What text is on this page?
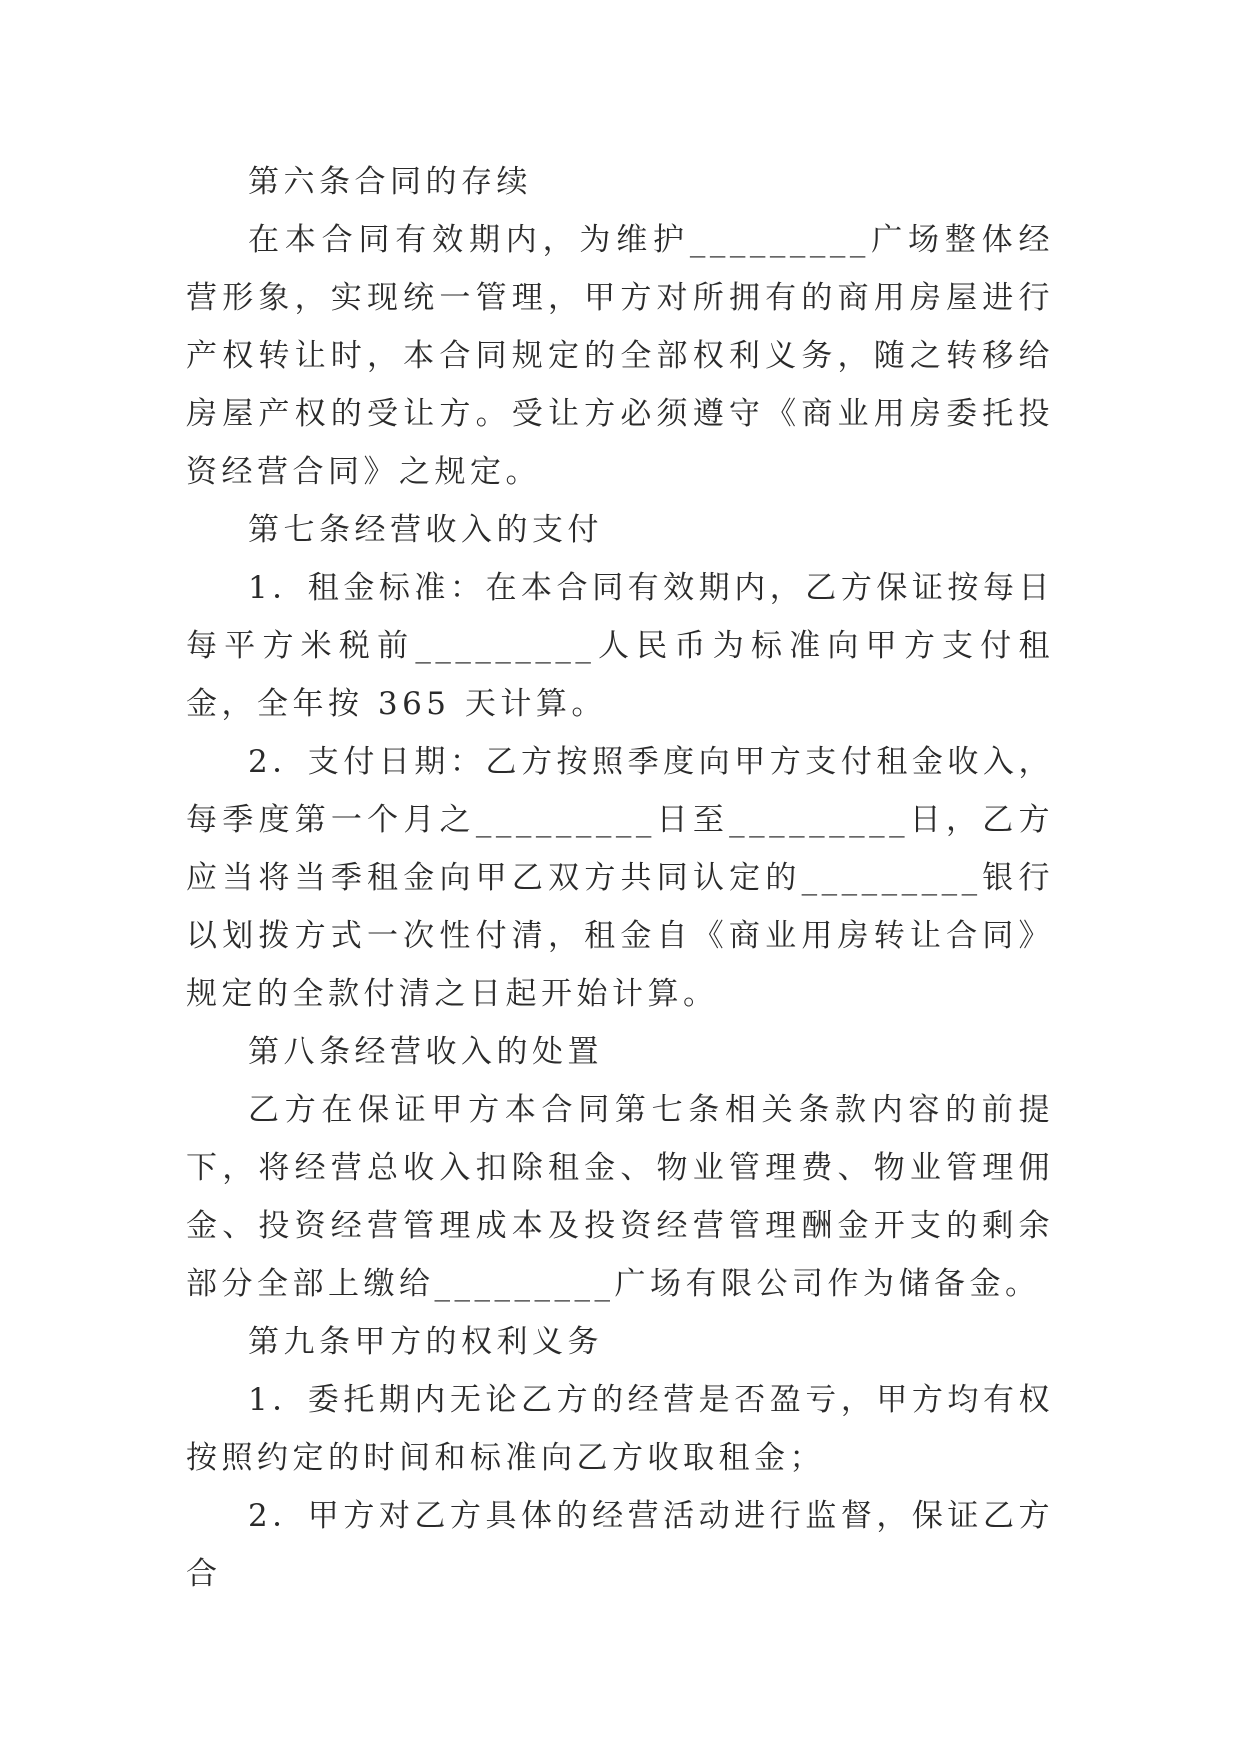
第六条合同的存续

在本合同有效期内，为维护_________广场整体经营形象，实现统一管理，甲方对所拥有的商用房屋进行产权转让时，本合同规定的全部权利义务，随之转移给房屋产权的受让方。受让方必须遵守《商业用房委托投资经营合同》之规定。

第七条经营收入的支付

1．租金标准：在本合同有效期内，乙方保证按每日每平方米税前_________人民币为标准向甲方支付租金，全年按 365 天计算。

2．支付日期：乙方按照季度向甲方支付租金收入，每季度第一个月之_________日至_________日，乙方应当将当季租金向甲乙双方共同认定的_________银行以划拨方式一次性付清，租金自《商业用房转让合同》规定的全款付清之日起开始计算。

第八条经营收入的处置

乙方在保证甲方本合同第七条相关条款内容的前提下，将经营总收入扣除租金、物业管理费、物业管理佣金、投资经营管理成本及投资经营管理酬金开支的剩余部分全部上缴给_________广场有限公司作为储备金。

第九条甲方的权利义务

1．委托期内无论乙方的经营是否盈亏，甲方均有权按照约定的时间和标准向乙方收取租金；

2．甲方对乙方具体的经营活动进行监督，保证乙方合
